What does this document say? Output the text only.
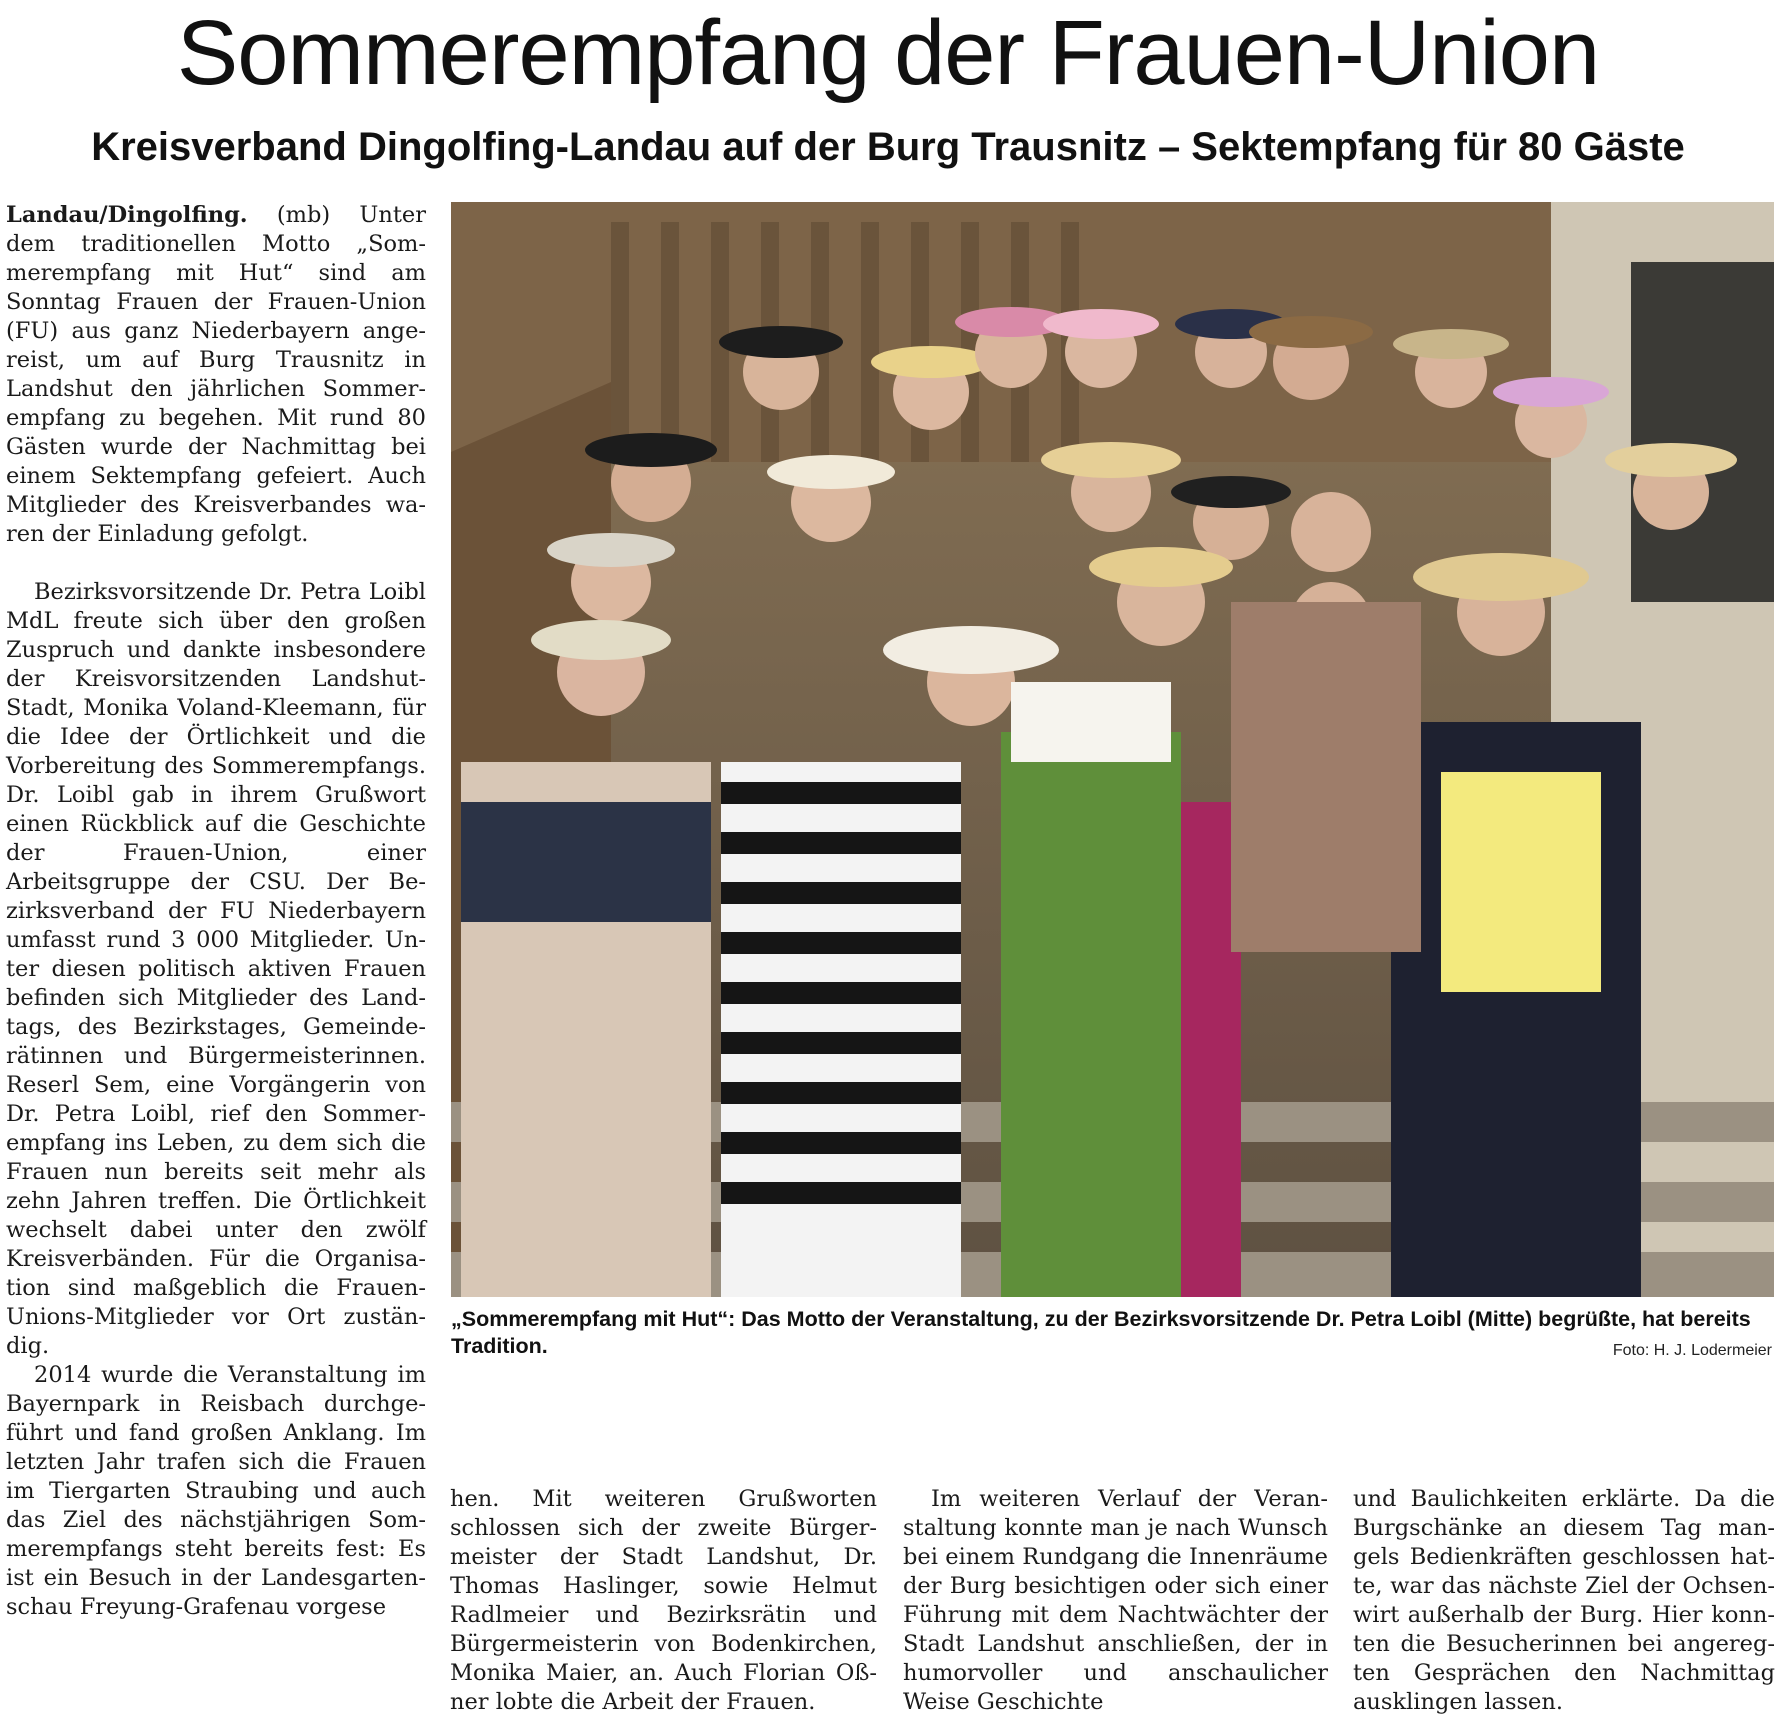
Sommerempfang der Frauen-Union
Kreisverband Dingolfing-Landau auf der Burg Trausnitz – Sektempfang für 80 Gäste

Landau/Dingolfing. (mb) Unter dem traditionellen Motto „Sommerempfang mit Hut“ sind am Sonntag Frauen der Frauen-Union (FU) aus ganz Niederbayern angereist, um auf Burg Trausnitz in Landshut den jährlichen Sommerempfang zu begehen. Mit rund 80 Gästen wurde der Nachmittag bei einem Sektempfang gefeiert. Auch Mitglieder des Kreisverbandes waren der Einladung gefolgt.

Bezirksvorsitzende Dr. Petra Loibl MdL freute sich über den großen Zuspruch und dankte insbesondere der Kreisvorsitzenden Landshut-Stadt, Monika Voland-Kleemann, für die Idee der Örtlichkeit und die Vorbereitung des Sommerempfangs. Dr. Loibl gab in ihrem Grußwort einen Rückblick auf die Geschichte der Frauen-Union, einer Arbeitsgruppe der CSU. Der Bezirksverband der FU Niederbayern umfasst rund 3 000 Mitglieder. Unter diesen politisch aktiven Frauen befinden sich Mitglieder des Landtags, des Bezirkstages, Gemeinderätinnen und Bürgermeisterinnen. Reserl Sem, eine Vorgängerin von Dr. Petra Loibl, rief den Sommerempfang ins Leben, zu dem sich die Frauen nun bereits seit mehr als zehn Jahren treffen. Die Örtlichkeit wechselt dabei unter den zwölf Kreisverbänden. Für die Organisation sind maßgeblich die Frauen-Unions-Mitglieder vor Ort zuständig.

2014 wurde die Veranstaltung im Bayernpark in Reisbach durchgeführt und fand großen Anklang. Im letzten Jahr trafen sich die Frauen im Tiergarten Straubing und auch das Ziel des nächstjährigen Sommerempfangs steht bereits fest: Es ist ein Besuch in der Landesgartenschau Freyung-Grafenau vorgese

„Sommerempfang mit Hut“: Das Motto der Veranstaltung, zu der Bezirksvorsitzende Dr. Petra Loibl (Mitte) begrüßte, hat bereits Tradition.	Foto: H. J. Lodermeier

hen. Mit weiteren Grußworten schlossen sich der zweite Bürgermeister der Stadt Landshut, Dr. Thomas Haslinger, sowie Helmut Radlmeier und Bezirksrätin und Bürgermeisterin von Bodenkirchen, Monika Maier, an. Auch Florian Oßner lobte die Arbeit der Frauen.

Im weiteren Verlauf der Veranstaltung konnte man je nach Wunsch bei einem Rundgang die Innenräume der Burg besichtigen oder sich einer Führung mit dem Nachtwächter der Stadt Landshut anschließen, der in humorvoller und anschaulicher Weise Geschichte

und Baulichkeiten erklärte. Da die Burgschänke an diesem Tag mangels Bedienkräften geschlossen hatte, war das nächste Ziel der Ochsenwirt außerhalb der Burg. Hier konnten die Besucherinnen bei angeregten Gesprächen den Nachmittag ausklingen lassen.
